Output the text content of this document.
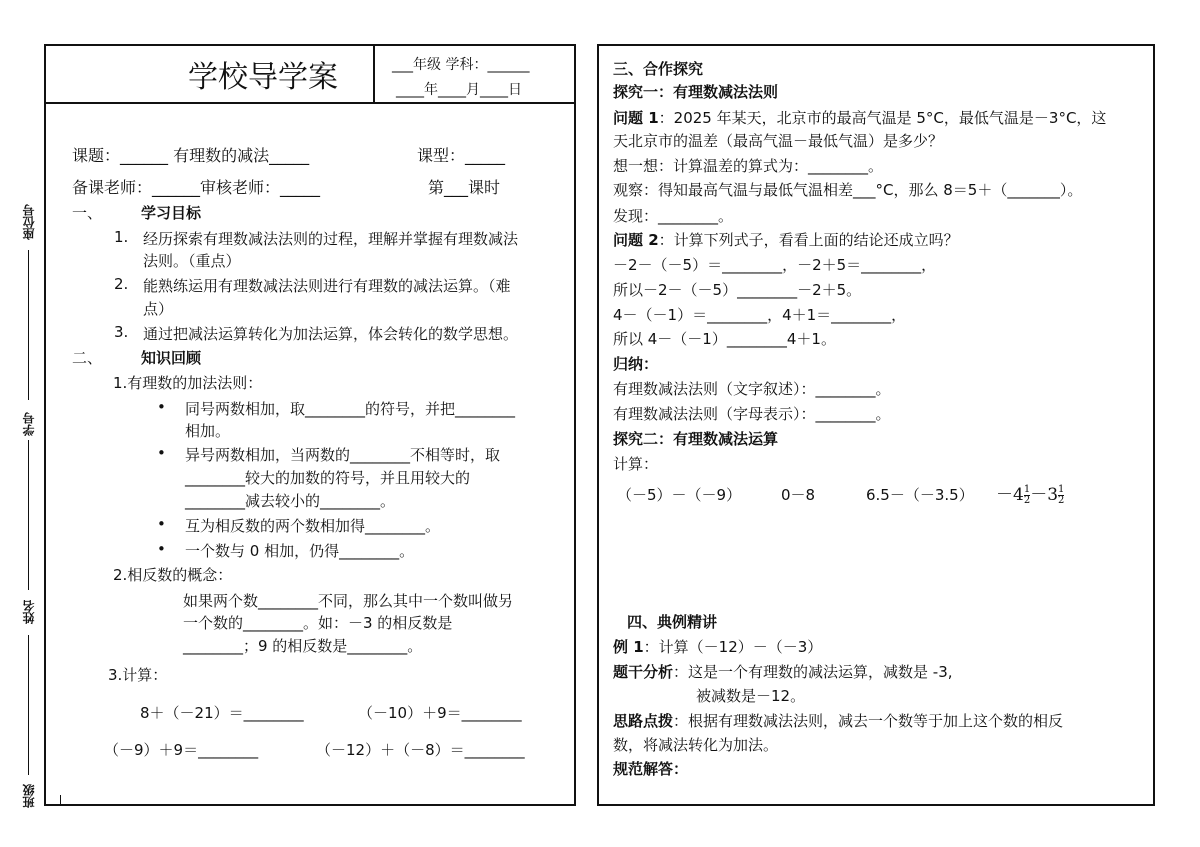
座位号
学号
姓名
班级
学校导学案	___年级 学科：______
____年____月____日
课题：______ 有理数的减法_____	课型：_____
备课老师：______审核老师：_____	第___课时
一、	学习目标
1. 经历探索有理数减法法则的过程，理解并掌握有理数减法
法则。（重点）
2. 能熟练运用有理数减法法则进行有理数的减法运算。（难
点）
3. 通过把减法运算转化为加法运算，体会转化的数学思想。
二、	知识回顾
1.有理数的加法法则：
• 同号两数相加，取________的符号，并把________
相加。
• 异号两数相加，当两数的________不相等时，取
________较大的加数的符号，并且用较大的
________减去较小的________。
• 互为相反数的两个数相加得________。
• 一个数与 0 相加，仍得________。
2.相反数的概念：
如果两个数________不同，那么其中一个数叫做另
一个数的________。如：－3 的相反数是
________；9 的相反数是________。
3.计算：
8＋（－21）＝________	（－10）＋9＝________
（－9）＋9＝________	（－12）＋（－8）＝________
三、合作探究
探究一：有理数减法法则
问题 1：2025 年某天，北京市的最高气温是 5°C，最低气温是－3°C，这
天北京市的温差（最高气温－最低气温）是多少？
想一想：计算温差的算式为：________。
观察：得知最高气温与最低气温相差___°C，那么 8＝5＋（_______）。
发现：________。
问题 2：计算下列式子，看看上面的结论还成立吗？
－2－（－5）＝________，－2＋5＝________，
所以－2－（－5）________－2＋5。
4－（－1）＝________，4＋1＝________，
所以 4－（－1）________4＋1。
归纳：
有理数减法法则（文字叙述）：________。
有理数减法法则（字母表示）：________。
探究二：有理数减法运算
计算：
（－5）－（－9）	0－8	$6.5-(-3.5) -4 \frac{1}{2} -3 \frac{1}{2}$
四、典例精讲
例 1：计算（－12）－（－3）
题干分析：这是一个有理数的减法运算，减数是 -3,
被减数是－12。
思路点拨：根据有理数减法法则，减去一个数等于加上这个数的相反
数，将减法转化为加法。
规范解答：
